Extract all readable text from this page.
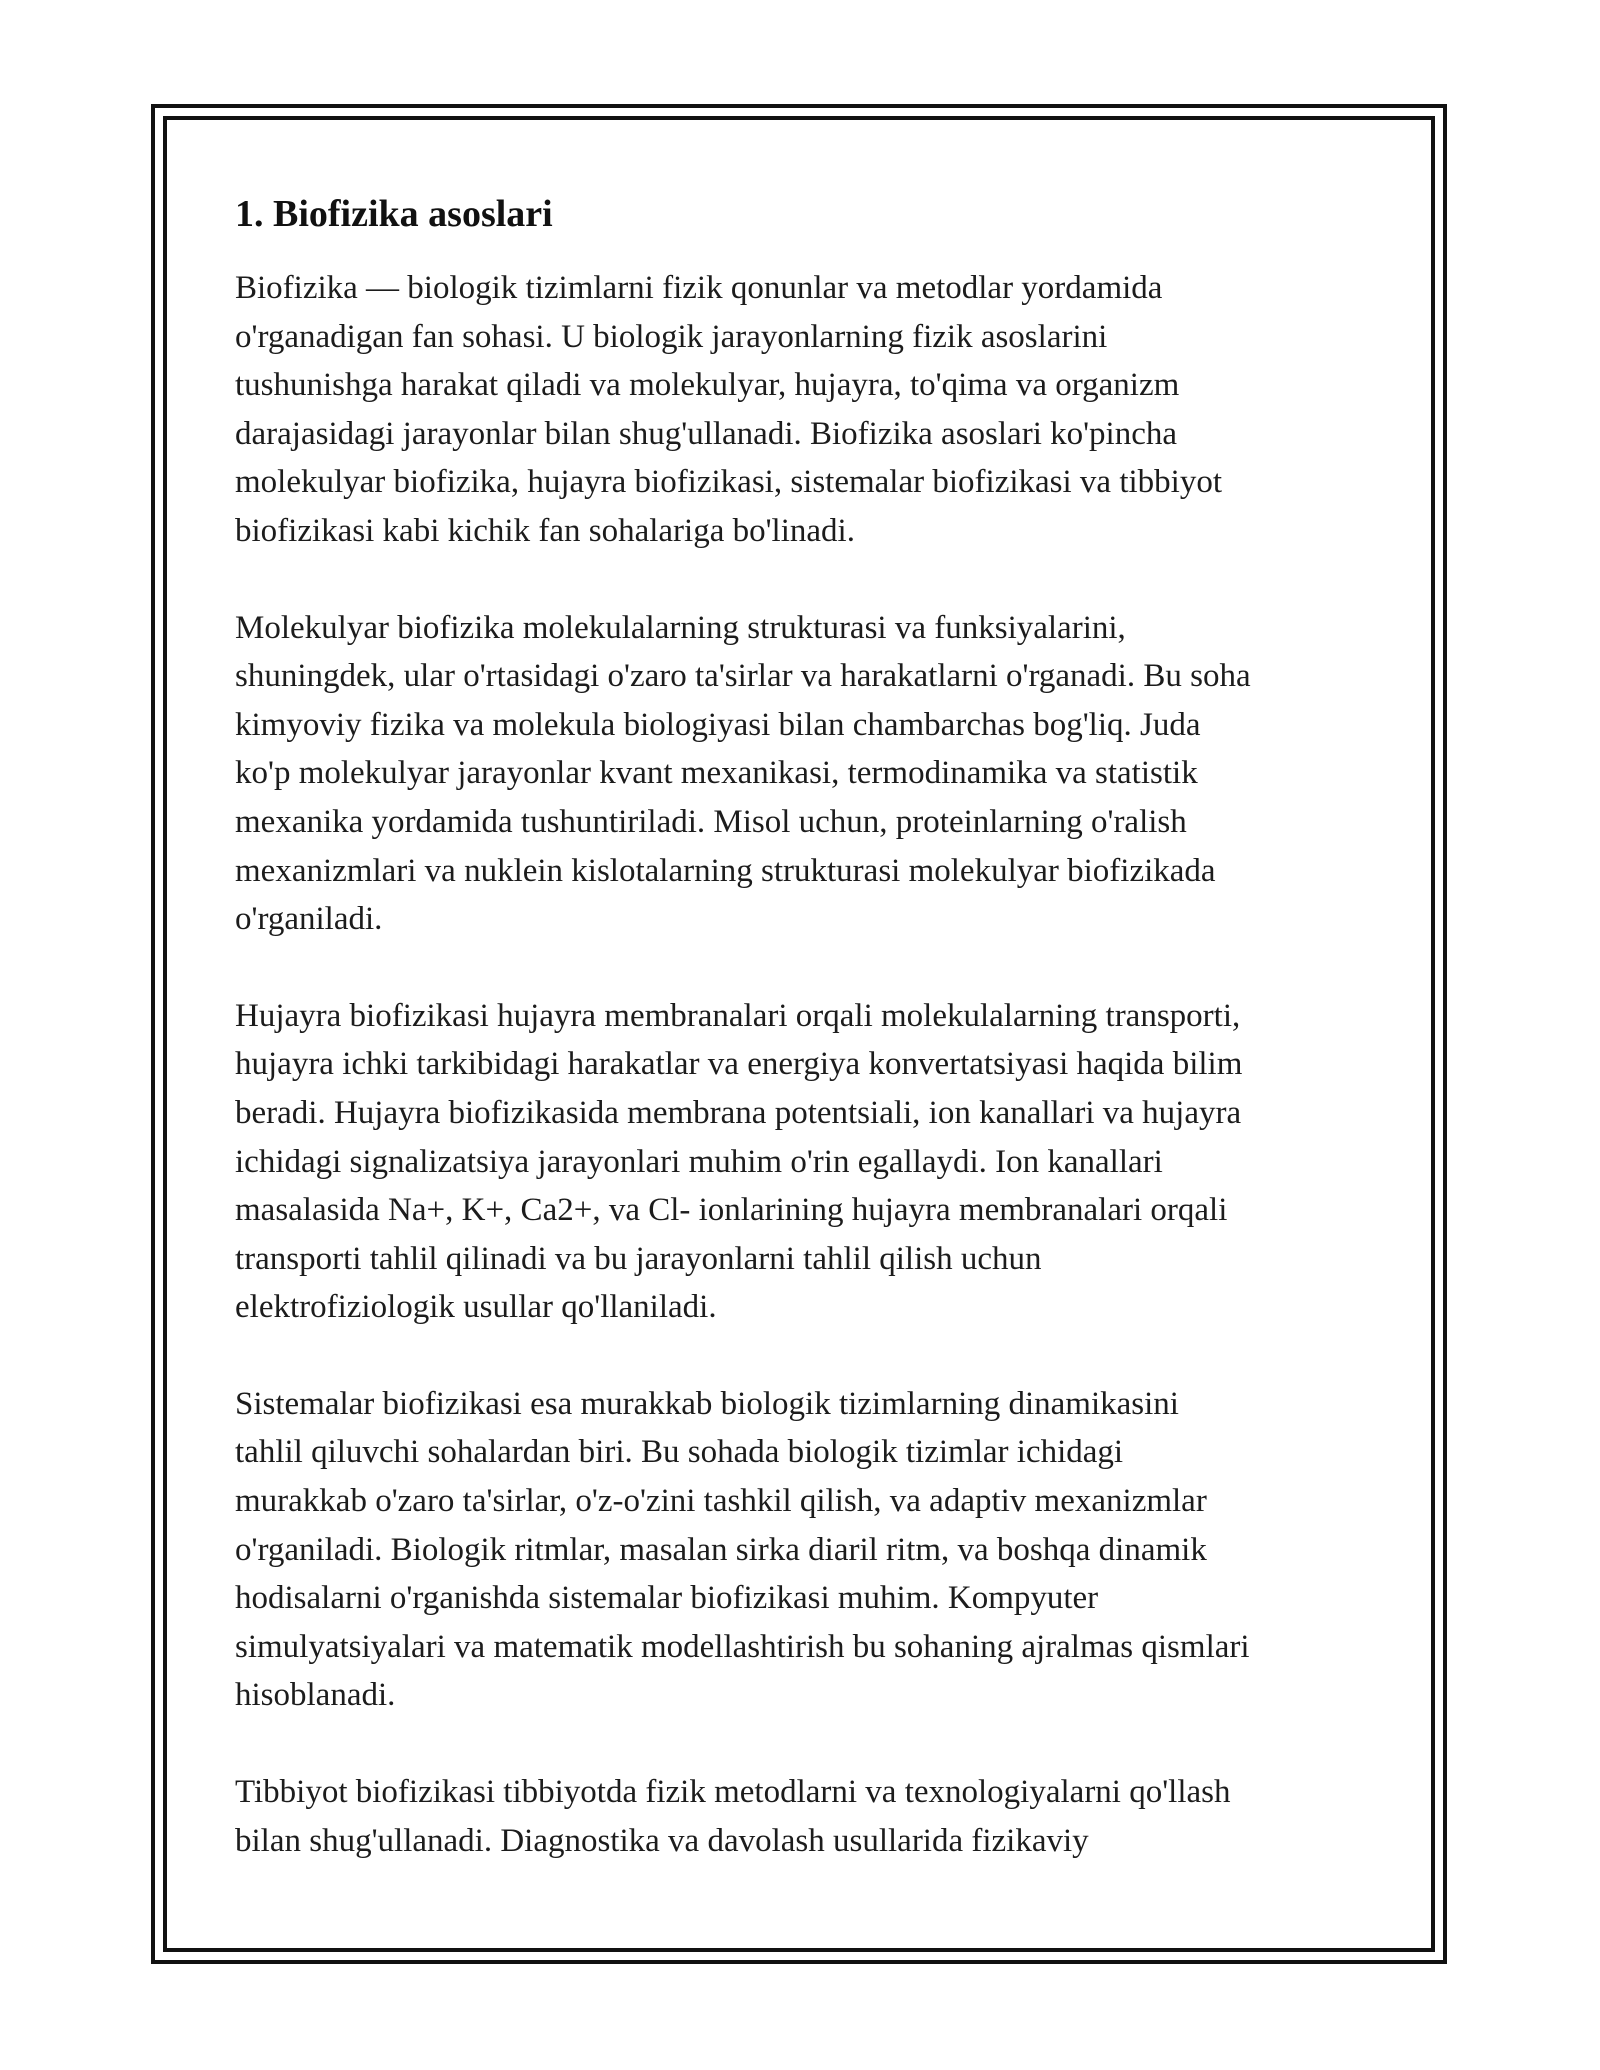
1. Biofizika asoslari

Biofizika — biologik tizimlarni fizik qonunlar va metodlar yordamida
o'rganadigan fan sohasi. U biologik jarayonlarning fizik asoslarini
tushunishga harakat qiladi va molekulyar, hujayra, to'qima va organizm
darajasidagi jarayonlar bilan shug'ullanadi. Biofizika asoslari ko'pincha
molekulyar biofizika, hujayra biofizikasi, sistemalar biofizikasi va tibbiyot
biofizikasi kabi kichik fan sohalariga bo'linadi.

Molekulyar biofizika molekulalarning strukturasi va funksiyalarini,
shuningdek, ular o'rtasidagi o'zaro ta'sirlar va harakatlarni o'rganadi. Bu soha
kimyoviy fizika va molekula biologiyasi bilan chambarchas bog'liq. Juda
ko'p molekulyar jarayonlar kvant mexanikasi, termodinamika va statistik
mexanika yordamida tushuntiriladi. Misol uchun, proteinlarning o'ralish
mexanizmlari va nuklein kislotalarning strukturasi molekulyar biofizikada
o'rganiladi.

Hujayra biofizikasi hujayra membranalari orqali molekulalarning transporti,
hujayra ichki tarkibidagi harakatlar va energiya konvertatsiyasi haqida bilim
beradi. Hujayra biofizikasida membrana potentsiali, ion kanallari va hujayra
ichidagi signalizatsiya jarayonlari muhim o'rin egallaydi. Ion kanallari
masalasida Na+, K+, Ca2+, va Cl- ionlarining hujayra membranalari orqali
transporti tahlil qilinadi va bu jarayonlarni tahlil qilish uchun
elektrofiziologik usullar qo'llaniladi.

Sistemalar biofizikasi esa murakkab biologik tizimlarning dinamikasini
tahlil qiluvchi sohalardan biri. Bu sohada biologik tizimlar ichidagi
murakkab o'zaro ta'sirlar, o'z-o'zini tashkil qilish, va adaptiv mexanizmlar
o'rganiladi. Biologik ritmlar, masalan sirka diaril ritm, va boshqa dinamik
hodisalarni o'rganishda sistemalar biofizikasi muhim. Kompyuter
simulyatsiyalari va matematik modellashtirish bu sohaning ajralmas qismlari
hisoblanadi.

Tibbiyot biofizikasi tibbiyotda fizik metodlarni va texnologiyalarni qo'llash
bilan shug'ullanadi. Diagnostika va davolash usullarida fizikaviy
